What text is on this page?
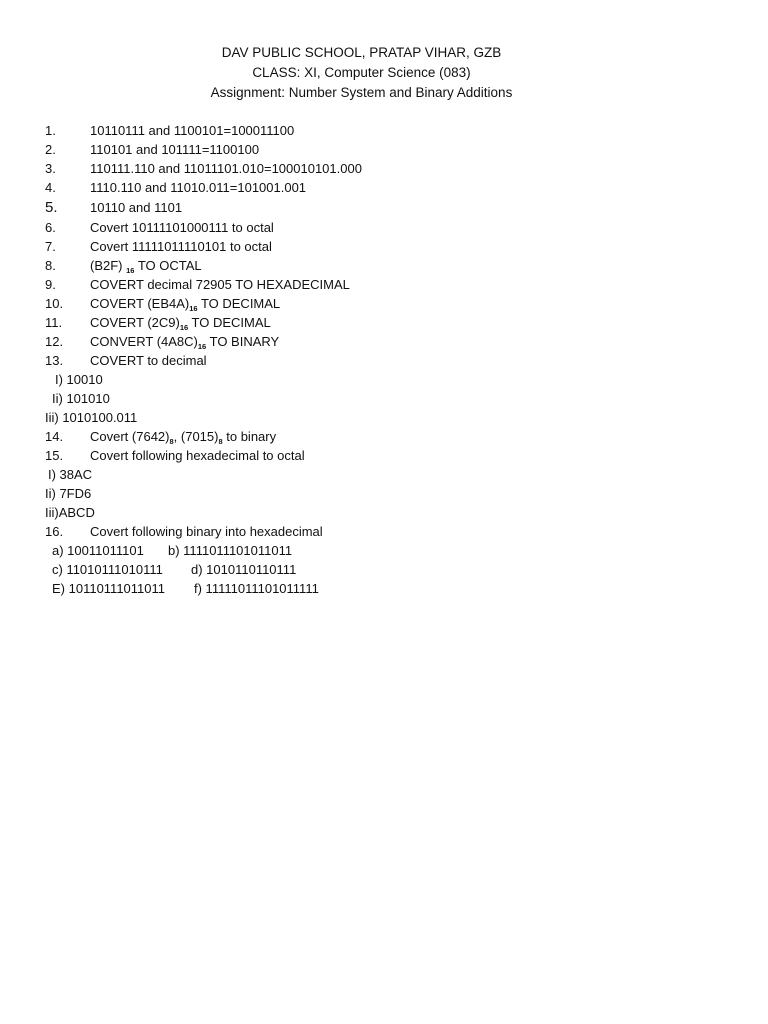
DAV PUBLIC SCHOOL, PRATAP VIHAR, GZB
CLASS: XI, Computer Science (083)
Assignment: Number System and Binary Additions
1.	10110111 and 1100101=100011100
2.	110101 and 101111=1100100
3.	110111.110 and 11011101.010=100010101.000
4.	1110.110 and 11010.011=101001.001
5. 10110 and 1101
6.	Covert 10111101000111 to octal
7.	Covert 11111011110101 to octal
8.	(B2F) $_{16}$ TO OCTAL
9.	COVERT decimal 72905 TO HEXADECIMAL
10. COVERT $(EB4A)_{16}$ TO DECIMAL
11. COVERT $(2C9)_{16}$ TO DECIMAL
12. CONVERT $(4A8C)_{16}$ TO BINARY
13. COVERT to decimal
I) 10010
Ii) 101010
Iii) 1010100.011
14. Covert $(7642)_8$, $(7015)_8$ to binary
15. Covert following hexadecimal to octal
I) 38AC
Ii) 7FD6
Iii)ABCD
16. Covert following binary into hexadecimal
a) 10011011101 b) 1111011101011011
c) 11010111010111 d) 1010110110111
E) 10110111011011 f) 11111011101011111
